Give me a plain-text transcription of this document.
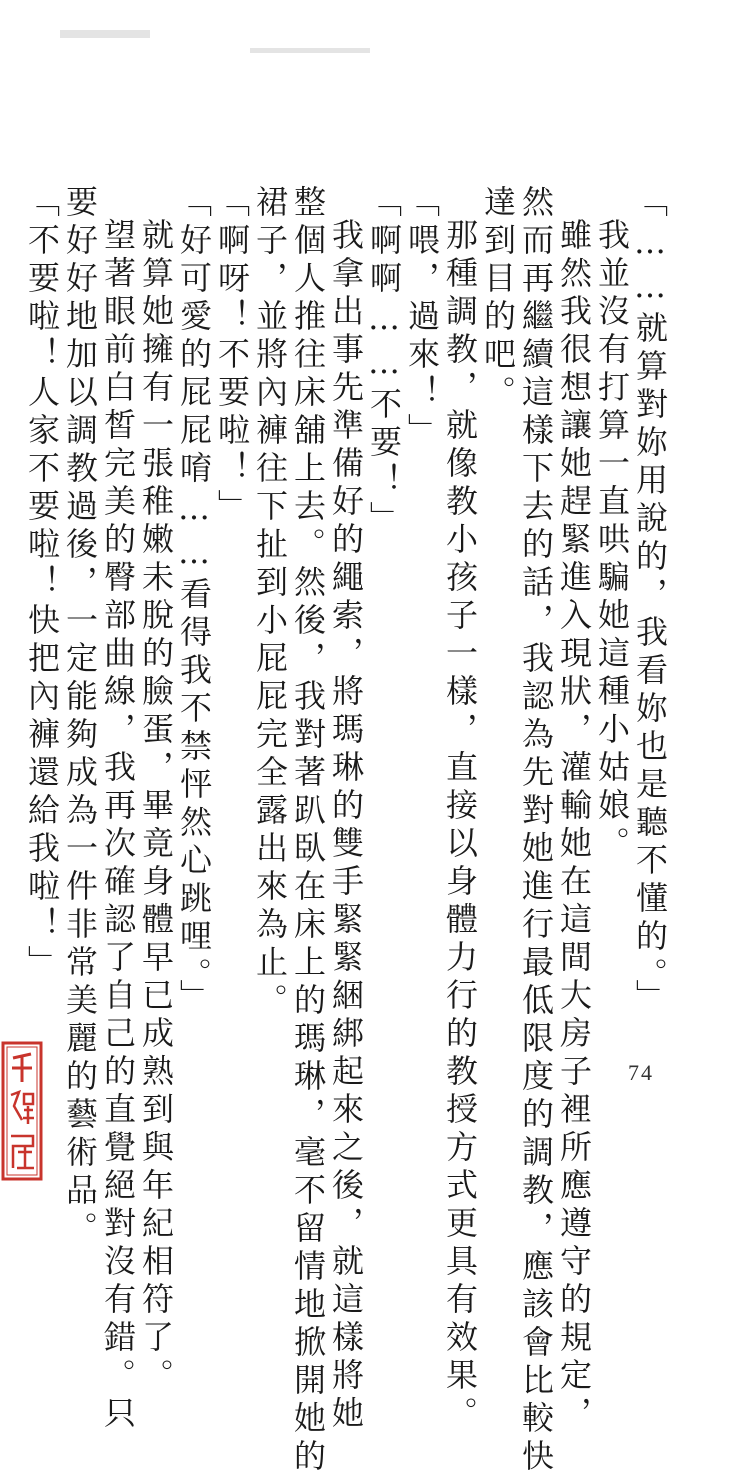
「……就算對妳用說的，我看妳也是聽不懂的。」
我並沒有打算一直哄騙她這種小姑娘。
雖然我很想讓她趕緊進入現狀，灌輸她在這間大房子裡所應遵守的規定，
然而再繼續這樣下去的話，我認為先對她進行最低限度的調教，應該會比較快
達到目的吧。
那種調教，就像教小孩子一樣，直接以身體力行的教授方式更具有效果。
「喂，過來！」
「啊啊……不要！」
我拿出事先準備好的繩索，將瑪琳的雙手緊緊綑綁起來之後，就這樣將她
整個人推往床舖上去。然後，我對著趴臥在床上的瑪琳，毫不留情地掀開她的
裙子，並將內褲往下扯到小屁屁完全露出來為止。
「啊呀！不要啦！」
「好可愛的屁屁唷……看得我不禁怦然心跳哩。」
就算她擁有一張稚嫩未脫的臉蛋，畢竟身體早已成熟到與年紀相符了。
望著眼前白皙完美的臀部曲線，我再次確認了自己的直覺絕對沒有錯。只
要好好地加以調教過後，一定能夠成為一件非常美麗的藝術品。
「不要啦！人家不要啦！快把內褲還給我啦！」
74
